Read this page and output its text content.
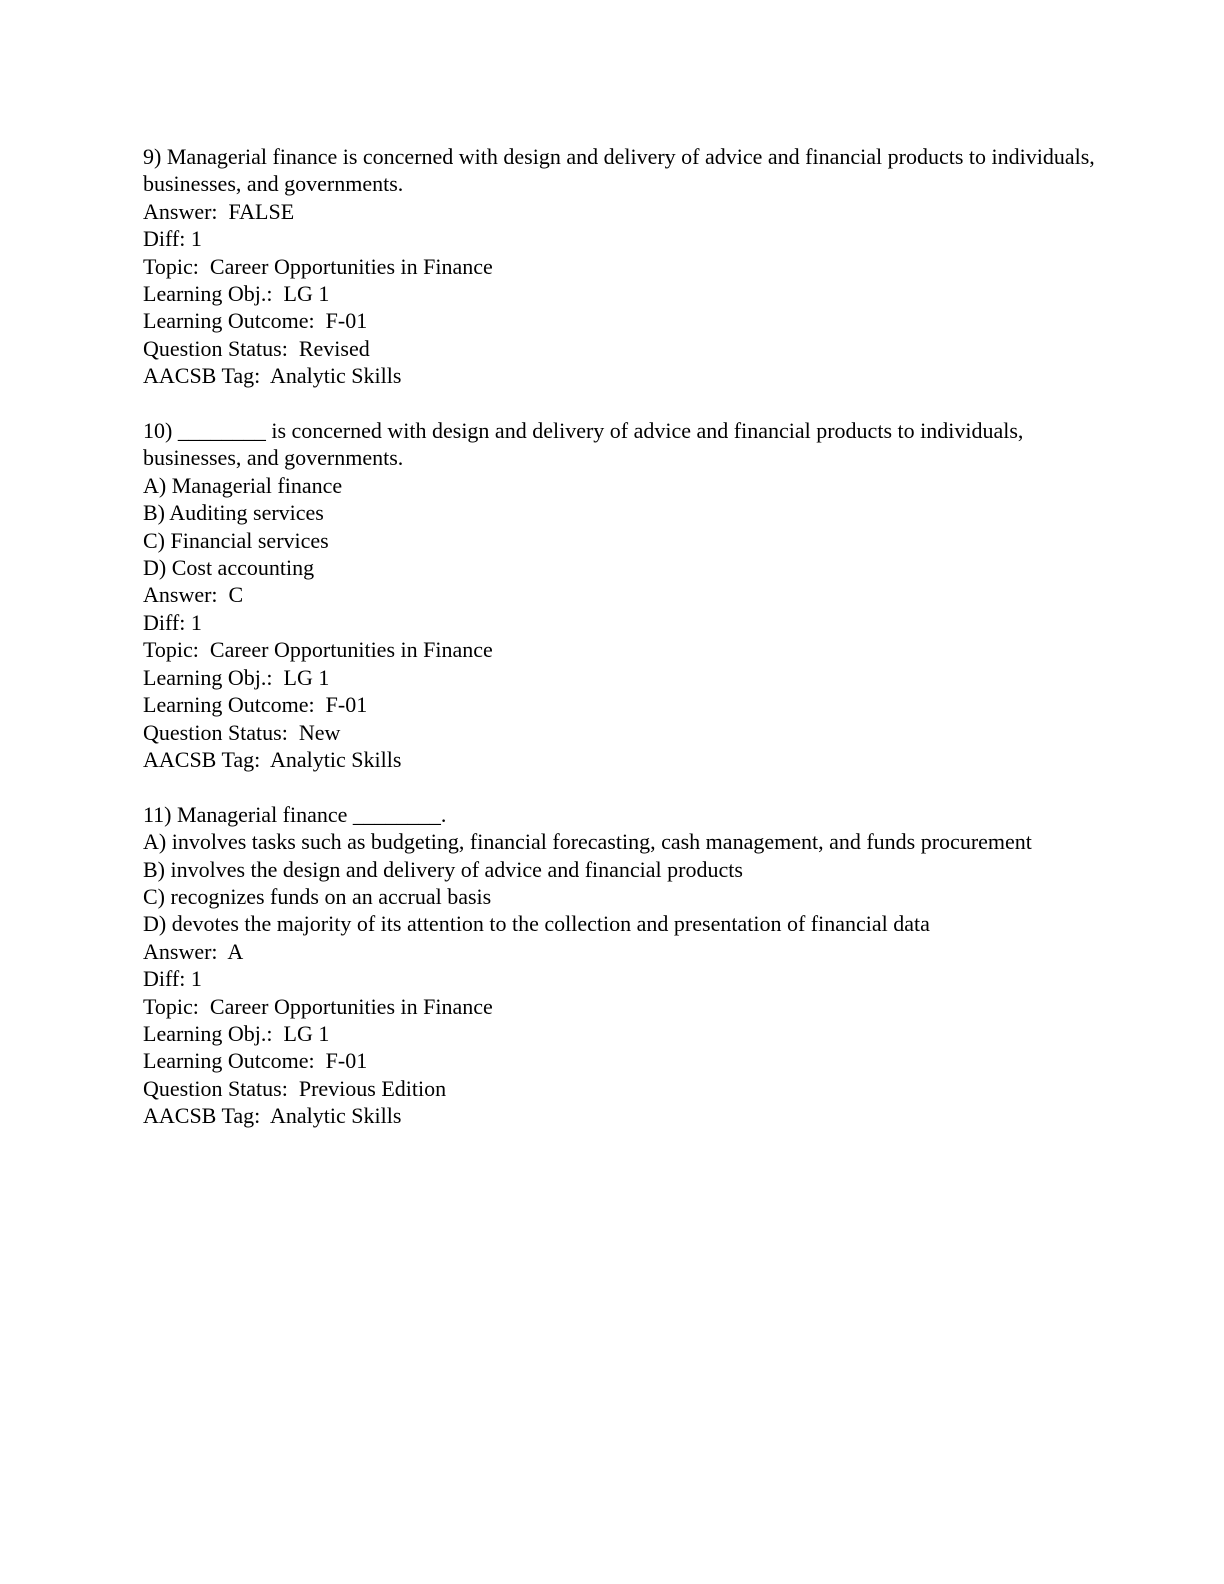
9) Managerial finance is concerned with design and delivery of advice and financial products to individuals, businesses, and governments.
Answer:  FALSE
Diff: 1
Topic:  Career Opportunities in Finance
Learning Obj.:  LG 1
Learning Outcome:  F-01
Question Status:  Revised
AACSB Tag:  Analytic Skills
10) ________ is concerned with design and delivery of advice and financial products to individuals, businesses, and governments.
A) Managerial finance
B) Auditing services
C) Financial services
D) Cost accounting
Answer:  C
Diff: 1
Topic:  Career Opportunities in Finance
Learning Obj.:  LG 1
Learning Outcome:  F-01
Question Status:  New
AACSB Tag:  Analytic Skills
11) Managerial finance ________.
A) involves tasks such as budgeting, financial forecasting, cash management, and funds procurement
B) involves the design and delivery of advice and financial products
C) recognizes funds on an accrual basis
D) devotes the majority of its attention to the collection and presentation of financial data
Answer:  A
Diff: 1
Topic:  Career Opportunities in Finance
Learning Obj.:  LG 1
Learning Outcome:  F-01
Question Status:  Previous Edition
AACSB Tag:  Analytic Skills
